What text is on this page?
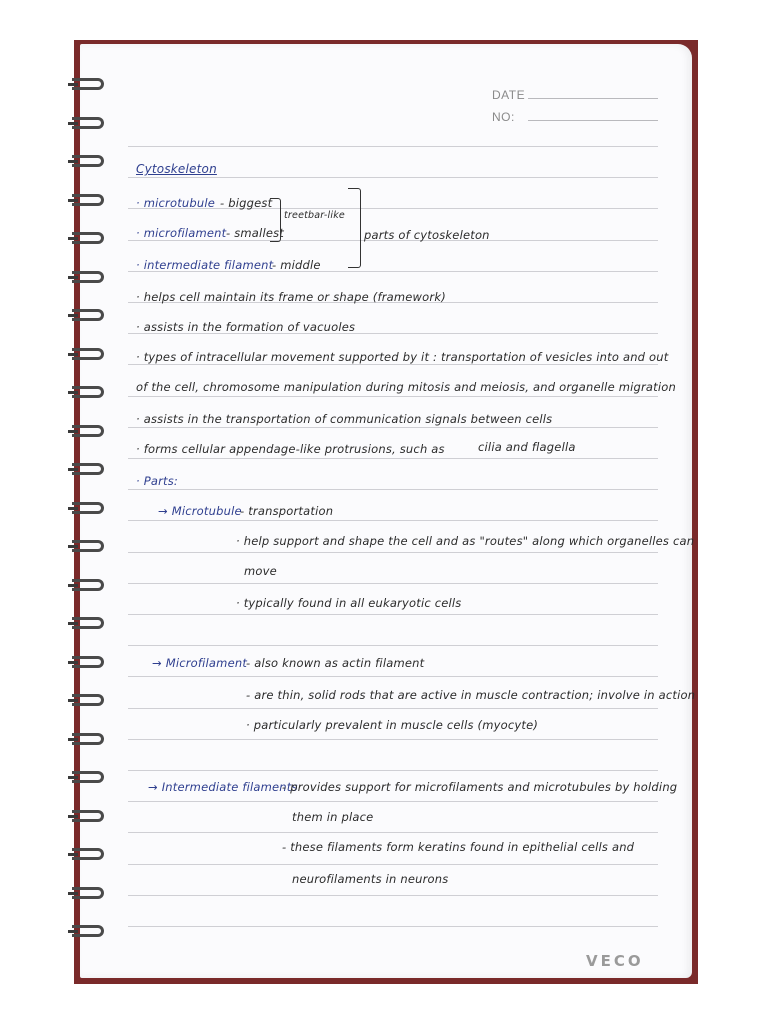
DATE
NO:
Cytoskeleton
· microtubule - biggest
· microfilament - smallest
· intermediate filament
- middle
treetbar-like
parts of cytoskeleton
· helps cell maintain its frame or shape (framework)
· assists in the formation of vacuoles
· types of intracellular movement supported by it : transportation of vesicles into and out
of the cell, chromosome manipulation during mitosis and meiosis, and organelle migration
· assists in the transportation of communication signals between cells
· forms cellular appendage-like protrusions, such as	cilia and flagella
· Parts:
→ Microtubule
- transportation
· help support and shape the cell and as "routes" along which organelles can
move
· typically found in all eukaryotic cells
→ Microfilament
- also known as actin filament
- are thin, solid rods that are active in muscle contraction; involve in action
· particularly prevalent in muscle cells (myocyte)
→ Intermediate filaments
- provides support for microfilaments and microtubules by holding
them in place
- these filaments form keratins found in epithelial cells and
neurofilaments in neurons
VECO
